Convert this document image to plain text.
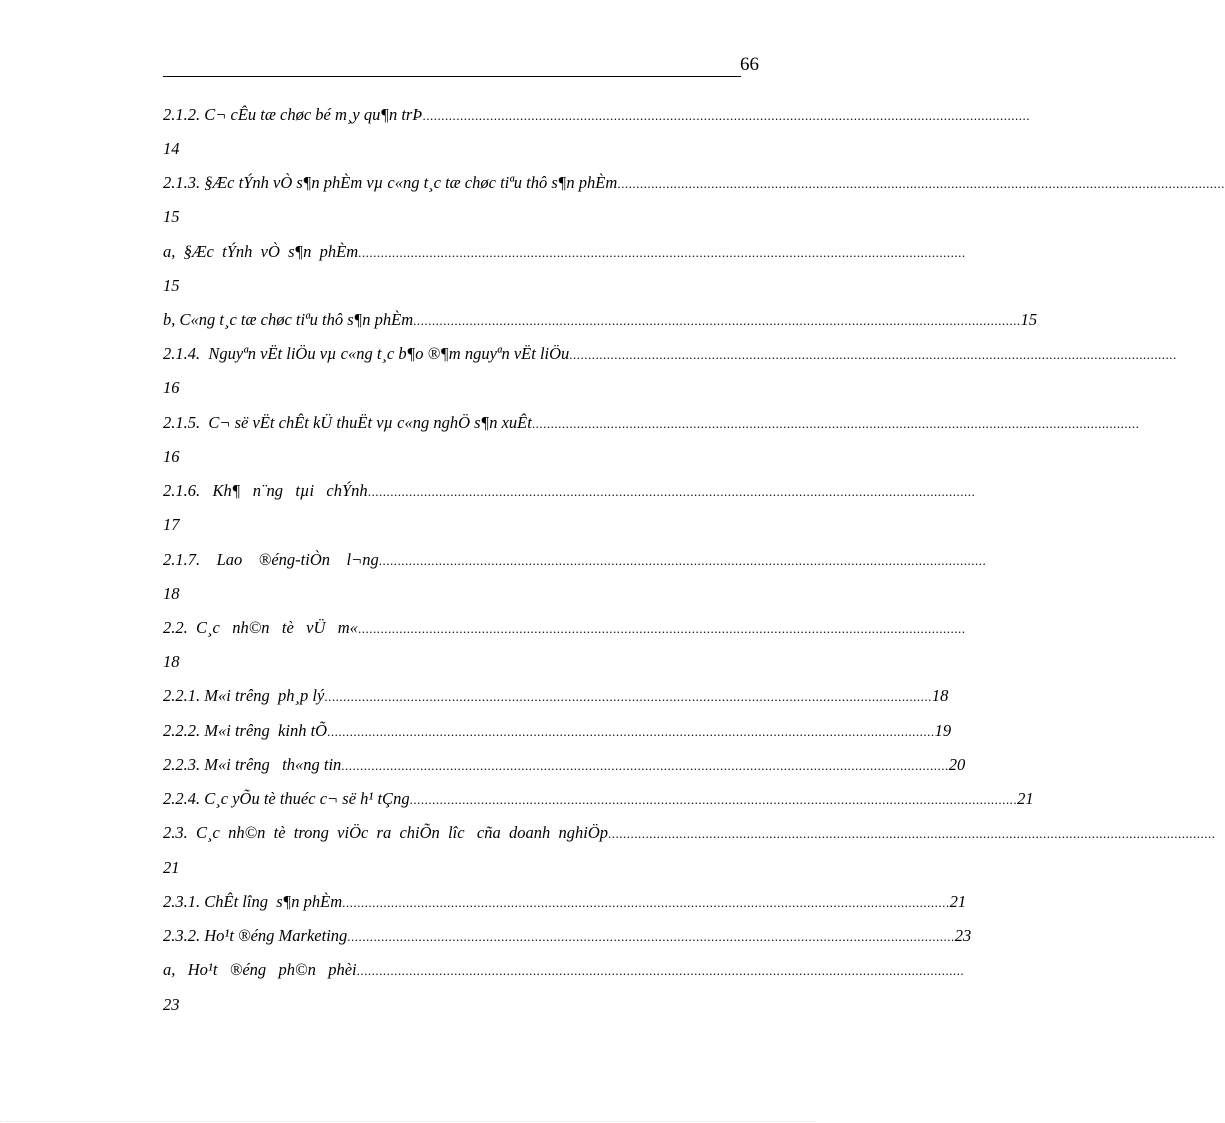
66
2.1.2. C¬ cÊu tæ chøc bé m¸y qu¶n trÞ ..................................................................................................................................................................
14
2.1.3. §Æc tÝnh vÒ s¶n phÈm vµ c«ng t¸c tæ chøc tiªu thô s¶n phÈm ..................................................................................................................................................................
15
a,  §Æc  tÝnh  vÒ  s¶n  phÈm ..................................................................................................................................................................
15
b, C«ng t¸c tæ chøc tiªu thô s¶n phÈm .................................................................................................................................................................. 15
2.1.4.  Nguyªn vËt liÖu vµ c«ng t¸c b¶o ®¶m nguyªn vËt liÖu ..................................................................................................................................................................
16
2.1.5.  C¬ së vËt chÊt kÜ thuËt vµ c«ng nghÖ s¶n xuÊt ..................................................................................................................................................................
16
2.1.6.   Kh¶   n¨ng   tµi   chÝnh ..................................................................................................................................................................
17
2.1.7.    Lao    ®éng-tiÒn    l¬ng ..................................................................................................................................................................
18
2.2.  C¸c   nh©n   tè   vÜ   m« ..................................................................................................................................................................
18
2.2.1. M«i trêng  ph¸p lý .................................................................................................................................................................. 18
2.2.2. M«i trêng  kinh tÕ .................................................................................................................................................................. 19
2.2.3. M«i trêng   th«ng tin .................................................................................................................................................................. 20
2.2.4. C¸c yÕu tè thuéc c¬ së h¹ tÇng .................................................................................................................................................................. 21
2.3.  C¸c  nh©n  tè  trong  viÖc  ra  chiÕn  lîc   cña  doanh  nghiÖp ..................................................................................................................................................................
21
2.3.1. ChÊt lîng  s¶n phÈm .................................................................................................................................................................. 21
2.3.2. Ho¹t ®éng Marketing .................................................................................................................................................................. 23
a,   Ho¹t   ®éng   ph©n   phèi ..................................................................................................................................................................
23
